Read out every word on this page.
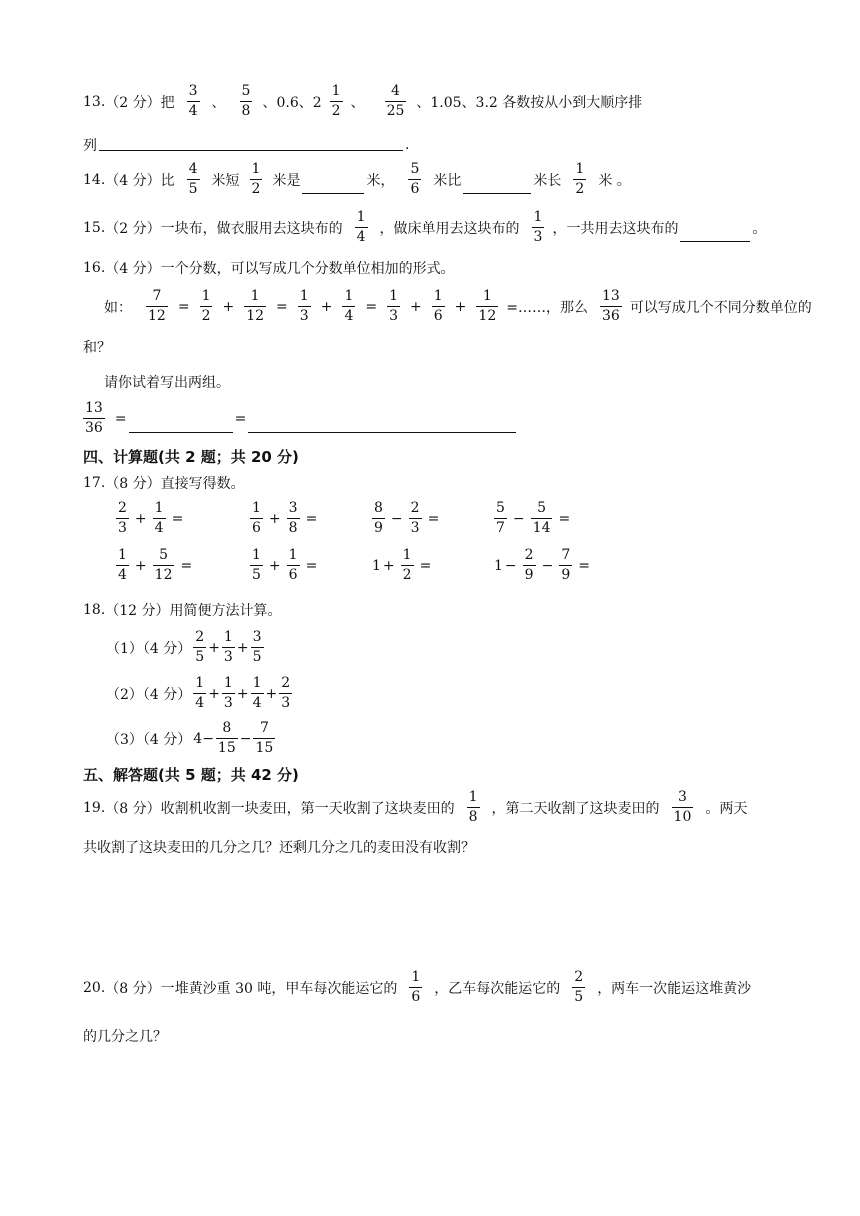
13. （2 分） 把 $\frac{3}{4}$ 、 $\frac{5}{8}$ 、0.6、$2 \frac{1}{2}$ 、 $\frac{4}{25}$ 、1.05、3.2 各数按从小到大顺序排
列	.
14. （4 分） 比 $\frac{4}{5}$ 米短 $\frac{1}{2}$ 米是	米， $\frac{5}{6}$ 米比	米长 $\frac{1}{2}$ 米 。
15. （2 分） 一块布，做衣服用去这块布的 $\frac{1}{4}$ ，做床单用去这块布的 $\frac{1}{3}$ ，一共用去这块布的	。
16. （4 分） 一个分数，可以写成几个分数单位相加的形式。
如： $\frac{7}{12} = \frac{1}{2} + \frac{1}{12} = \frac{1}{3} + \frac{1}{4} = \frac{1}{3} + \frac{1}{6} + \frac{1}{12}$ =……，那么 $\frac{13}{36}$ 可以写成几个不同分数单位的
和？
请你试着写出两组。
$\frac{13}{36}$ =	=
四、计算题(共 2 题；共 20 分)
17. （8 分） 直接写得数。
$\frac{2}{3} + \frac{1}{4}$ =	$\frac{1}{6} + \frac{3}{8}$ =	$\frac{8}{9} - \frac{2}{3}$ =	$\frac{5}{7} - \frac{5}{14}$ =
$\frac{1}{4} + \frac{5}{12}$ =	$\frac{1}{5} + \frac{1}{6}$ =	$1 + \frac{1}{2}$ =	$1 - \frac{2}{9} - \frac{7}{9}$ =
18. （12 分） 用简便方法计算。
（1）（4 分） $\frac{2}{5} + \frac{1}{3} + \frac{3}{5}$
（2）（4 分） $\frac{1}{4} + \frac{1}{3} + \frac{1}{4} + \frac{2}{3}$
（3）（4 分） $4 - \frac{8}{15} - \frac{7}{15}$
五、解答题(共 5 题；共 42 分)
19. （8 分） 收割机收割一块麦田，第一天收割了这块麦田的 $\frac{1}{8}$ ，第二天收割了这块麦田的 $\frac{3}{10}$ 。两天
共收割了这块麦田的几分之几？还剩几分之几的麦田没有收割？
20. （8 分） 一堆黄沙重 30 吨，甲车每次能运它的 $\frac{1}{6}$ ，乙车每次能运它的 $\frac{2}{5}$ ，两车一次能运这堆黄沙
的几分之几？
